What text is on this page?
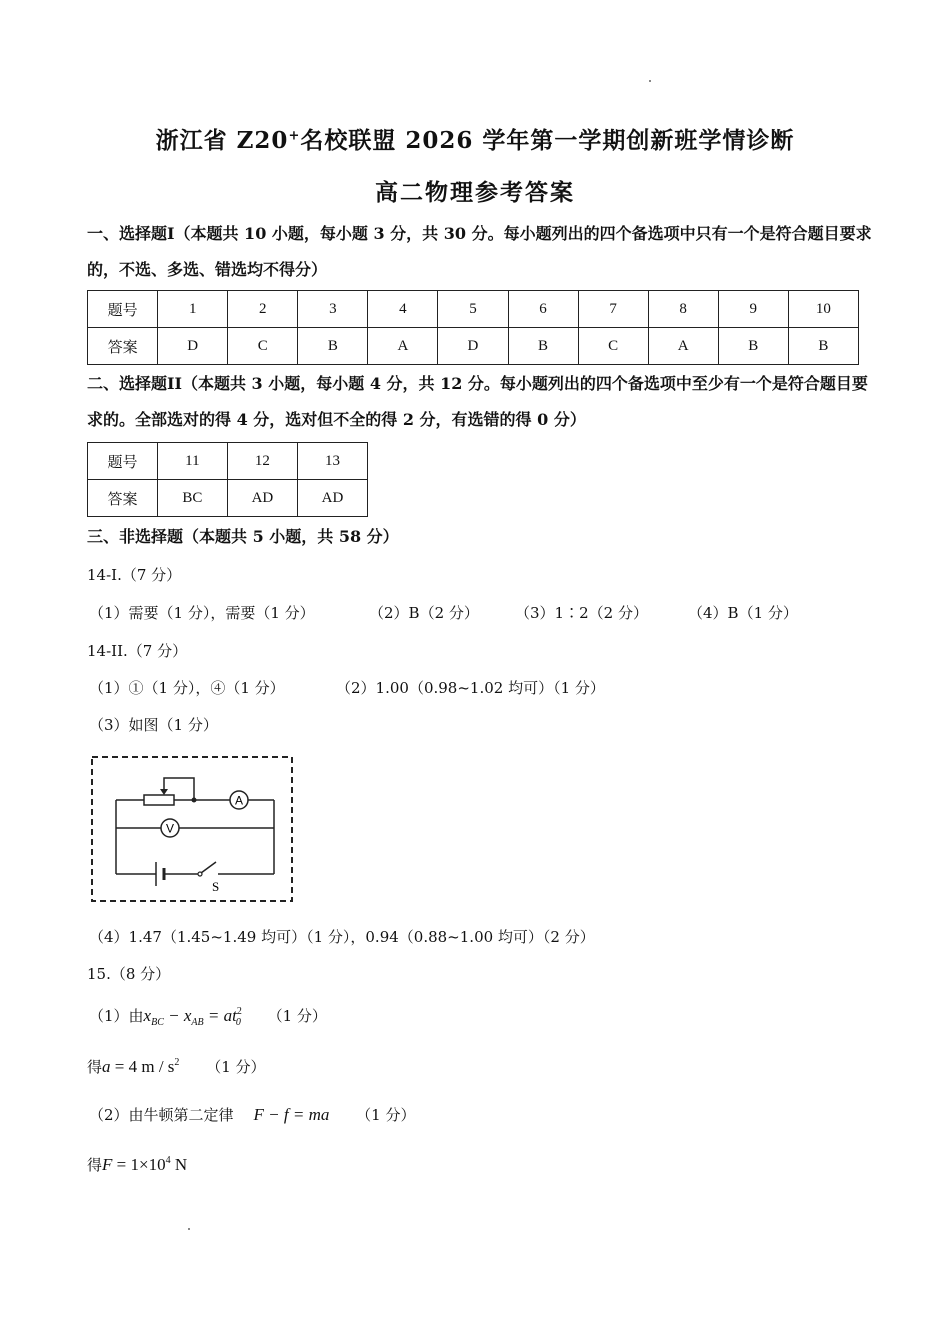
浙江省 Z20+名校联盟 2026 学年第一学期创新班学情诊断
高二物理参考答案
一、选择题I（本题共 10 小题，每小题 3 分，共 30 分。每小题列出的四个备选项中只有一个是符合题目要求的，不选、多选、错选均不得分）
题号	1	2	3	4	5	6	7	8	9	10
答案	D	C	B	A	D	B	C	A	B	B
二、选择题II（本题共 3 小题，每小题 4 分，共 12 分。每小题列出的四个备选项中至少有一个是符合题目要求的。全部选对的得 4 分，选对但不全的得 2 分，有选错的得 0 分）
题号	11	12	13
答案	BC	AD	AD
三、非选择题（本题共 5 小题，共 58 分）
14-I.（7 分）
（1）需要（1 分），需要（1 分）	（2）B（2 分） （3）1∶2（2 分）	（4）B（1 分）
14-II.（7 分）
（1）①（1 分），④（1 分）	（2）1.00（0.98~1.02 均可）（1 分）
（3）如图（1 分）
A
V
S
（4）1.47（1.45~1.49 均可）（1 分），0.94（0.88~1.00 均可）（2 分）
15.（8 分）
（1）由$x_{BC} - x_{AB} = at^2_0$ （1 分）
得a = 4 m / $s^2$ （1 分）
（2）由牛顿第二定律 F − f = ma （1 分）
得$F = 1\times 10^4$ N
